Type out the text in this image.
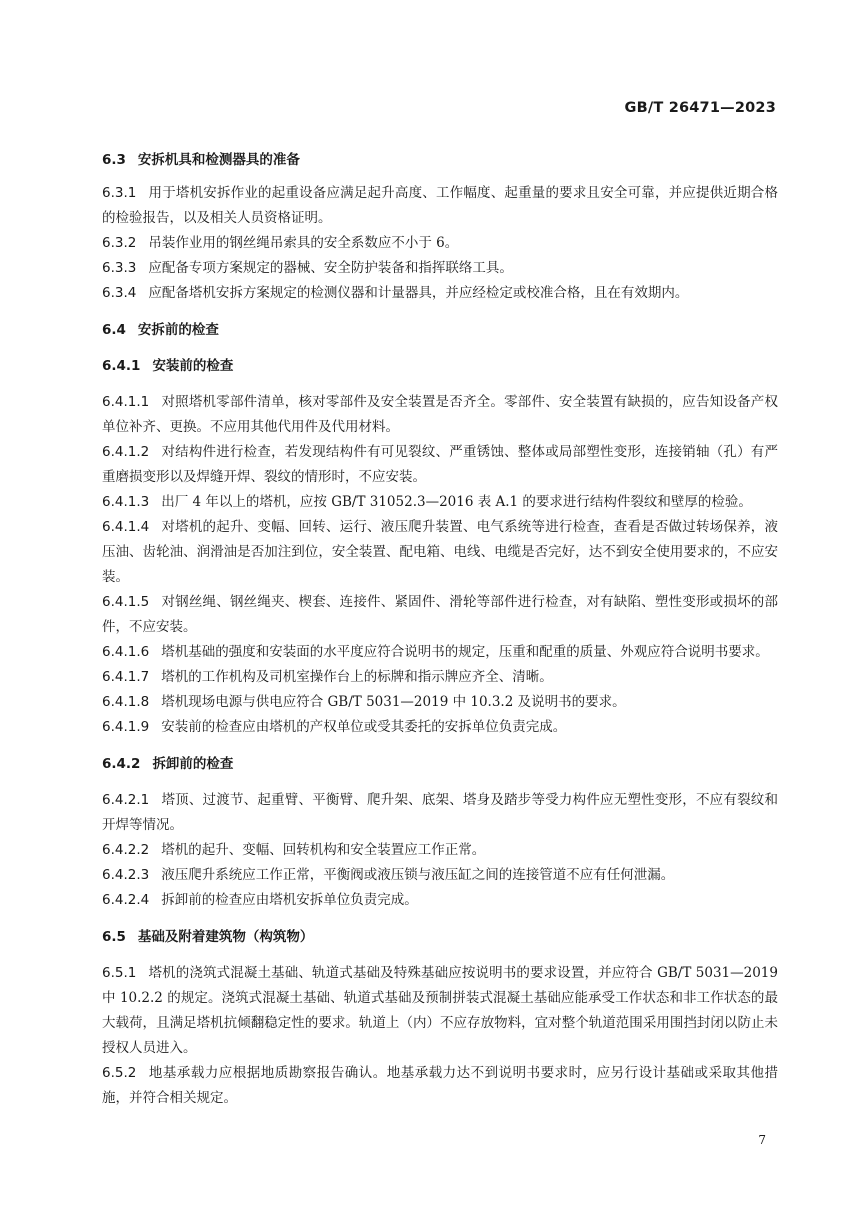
GB/T 26471—2023
6.3 安拆机具和检测器具的准备

6.3.1 用于塔机安拆作业的起重设备应满足起升高度、工作幅度、起重量的要求且安全可靠，并应提供近期合格的检验报告，以及相关人员资格证明。

6.3.2 吊装作业用的钢丝绳吊索具的安全系数应不小于 6。

6.3.3 应配备专项方案规定的器械、安全防护装备和指挥联络工具。

6.3.4 应配备塔机安拆方案规定的检测仪器和计量器具，并应经检定或校准合格，且在有效期内。

6.4 安拆前的检查
6.4.1 安装前的检查

6.4.1.1 对照塔机零部件清单，核对零部件及安全装置是否齐全。零部件、安全装置有缺损的，应告知设备产权单位补齐、更换。不应用其他代用件及代用材料。

6.4.1.2 对结构件进行检查，若发现结构件有可见裂纹、严重锈蚀、整体或局部塑性变形，连接销轴（孔）有严重磨损变形以及焊缝开焊、裂纹的情形时，不应安装。

6.4.1.3 出厂 4 年以上的塔机，应按 GB/T 31052.3—2016 表 A.1 的要求进行结构件裂纹和壁厚的检验。

6.4.1.4 对塔机的起升、变幅、回转、运行、液压爬升装置、电气系统等进行检查，查看是否做过转场保养，液压油、齿轮油、润滑油是否加注到位，安全装置、配电箱、电线、电缆是否完好，达不到安全使用要求的，不应安装。

6.4.1.5 对钢丝绳、钢丝绳夹、楔套、连接件、紧固件、滑轮等部件进行检查，对有缺陷、塑性变形或损坏的部件，不应安装。

6.4.1.6 塔机基础的强度和安装面的水平度应符合说明书的规定，压重和配重的质量、外观应符合说明书要求。

6.4.1.7 塔机的工作机构及司机室操作台上的标牌和指示牌应齐全、清晰。

6.4.1.8 塔机现场电源与供电应符合 GB/T 5031—2019 中 10.3.2 及说明书的要求。

6.4.1.9 安装前的检查应由塔机的产权单位或受其委托的安拆单位负责完成。

6.4.2 拆卸前的检查

6.4.2.1 塔顶、过渡节、起重臂、平衡臂、爬升架、底架、塔身及踏步等受力构件应无塑性变形，不应有裂纹和开焊等情况。

6.4.2.2 塔机的起升、变幅、回转机构和安全装置应工作正常。

6.4.2.3 液压爬升系统应工作正常，平衡阀或液压锁与液压缸之间的连接管道不应有任何泄漏。

6.4.2.4 拆卸前的检查应由塔机安拆单位负责完成。

6.5 基础及附着建筑物（构筑物）

6.5.1 塔机的浇筑式混凝土基础、轨道式基础及特殊基础应按说明书的要求设置，并应符合 GB/T 5031—2019 中 10.2.2 的规定。浇筑式混凝土基础、轨道式基础及预制拼装式混凝土基础应能承受工作状态和非工作状态的最大载荷，且满足塔机抗倾翻稳定性的要求。轨道上（内）不应存放物料，宜对整个轨道范围采用围挡封闭以防止未授权人员进入。

6.5.2 地基承载力应根据地质勘察报告确认。地基承载力达不到说明书要求时，应另行设计基础或采取其他措施，并符合相关规定。

7
